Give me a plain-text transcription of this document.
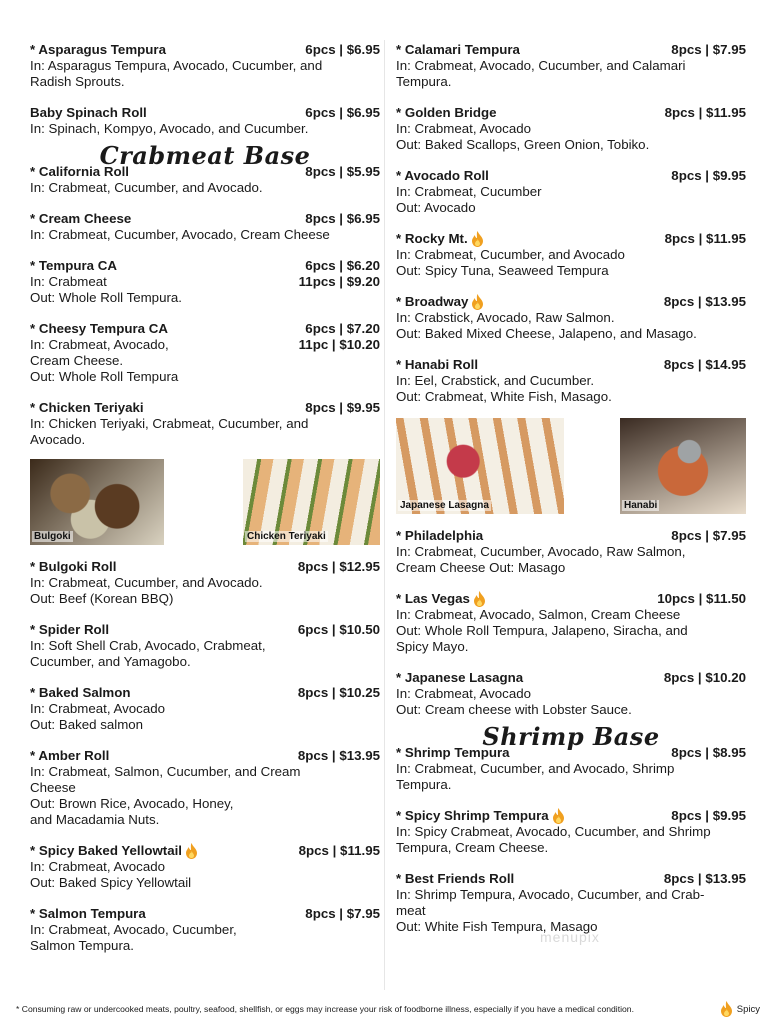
* Asparagus Tempura	6pcs | $6.95
In: Asparagus Tempura, Avocado, Cucumber, and
Radish Sprouts.
Baby Spinach Roll	6pcs | $6.95
In: Spinach, Kompyo, Avocado, and Cucumber.
Crabmeat Base
* California Roll	8pcs | $5.95
In: Crabmeat, Cucumber, and Avocado.
* Cream Cheese	8pcs | $6.95
In: Crabmeat, Cucumber, Avocado, Cream Cheese
* Tempura CA	6pcs | $6.20
In: Crabmeat	11pcs | $9.20
Out: Whole Roll Tempura.
* Cheesy Tempura CA	6pcs | $7.20
In: Crabmeat, Avocado,	11pc | $10.20
Cream Cheese.
Out: Whole Roll Tempura
* Chicken Teriyaki	8pcs | $9.95
In: Chicken Teriyaki, Crabmeat, Cucumber, and
Avocado.
Bulgoki	Chicken Teriyaki
* Bulgoki Roll	8pcs | $12.95
In: Crabmeat, Cucumber, and Avocado.
Out: Beef (Korean BBQ)
* Spider Roll	6pcs | $10.50
In: Soft Shell Crab, Avocado, Crabmeat,
Cucumber, and Yamagobo.
* Baked Salmon	8pcs | $10.25
In: Crabmeat, Avocado
Out: Baked salmon
* Amber Roll	8pcs | $13.95
In: Crabmeat, Salmon, Cucumber, and Cream
Cheese
Out: Brown Rice, Avocado, Honey,
and Macadamia Nuts.
* Spicy Baked Yellowtail	8pcs | $11.95
In: Crabmeat, Avocado
Out: Baked Spicy Yellowtail
* Salmon Tempura	8pcs | $7.95
In: Crabmeat, Avocado, Cucumber,
Salmon Tempura.
* Calamari Tempura	8pcs | $7.95
In: Crabmeat, Avocado, Cucumber, and Calamari
Tempura.
* Golden Bridge	8pcs | $11.95
In: Crabmeat, Avocado
Out: Baked Scallops, Green Onion, Tobiko.
* Avocado Roll	8pcs | $9.95
In: Crabmeat, Cucumber
Out: Avocado
* Rocky Mt.	8pcs | $11.95
In: Crabmeat, Cucumber, and Avocado
Out: Spicy Tuna, Seaweed Tempura
* Broadway	8pcs | $13.95
In: Crabstick, Avocado, Raw Salmon.
Out: Baked Mixed Cheese, Jalapeno, and Masago.
* Hanabi Roll	8pcs | $14.95
In: Eel, Crabstick, and Cucumber.
Out: Crabmeat, White Fish, Masago.
Japanese Lasagna	Hanabi
* Philadelphia	8pcs | $7.95
In: Crabmeat, Cucumber, Avocado, Raw Salmon,
Cream Cheese Out: Masago
* Las Vegas	10pcs | $11.50
In: Crabmeat, Avocado, Salmon, Cream Cheese
Out: Whole Roll Tempura, Jalapeno, Siracha, and
Spicy Mayo.
* Japanese Lasagna	8pcs | $10.20
In: Crabmeat, Avocado
Out: Cream cheese with Lobster Sauce.
Shrimp Base
* Shrimp Tempura	8pcs | $8.95
In: Crabmeat, Cucumber, and Avocado, Shrimp
Tempura.
* Spicy Shrimp Tempura	8pcs | $9.95
In: Spicy Crabmeat, Avocado, Cucumber, and Shrimp
Tempura, Cream Cheese.
* Best Friends Roll	8pcs | $13.95
In: Shrimp Tempura, Avocado, Cucumber, and Crab-
meat
Out: White Fish Tempura, Masago
menupix
* Consuming raw or undercooked meats, poultry, seafood, shellfish, or eggs may increase your risk of foodborne illness, especially if you have a medical condition.	Spicy
